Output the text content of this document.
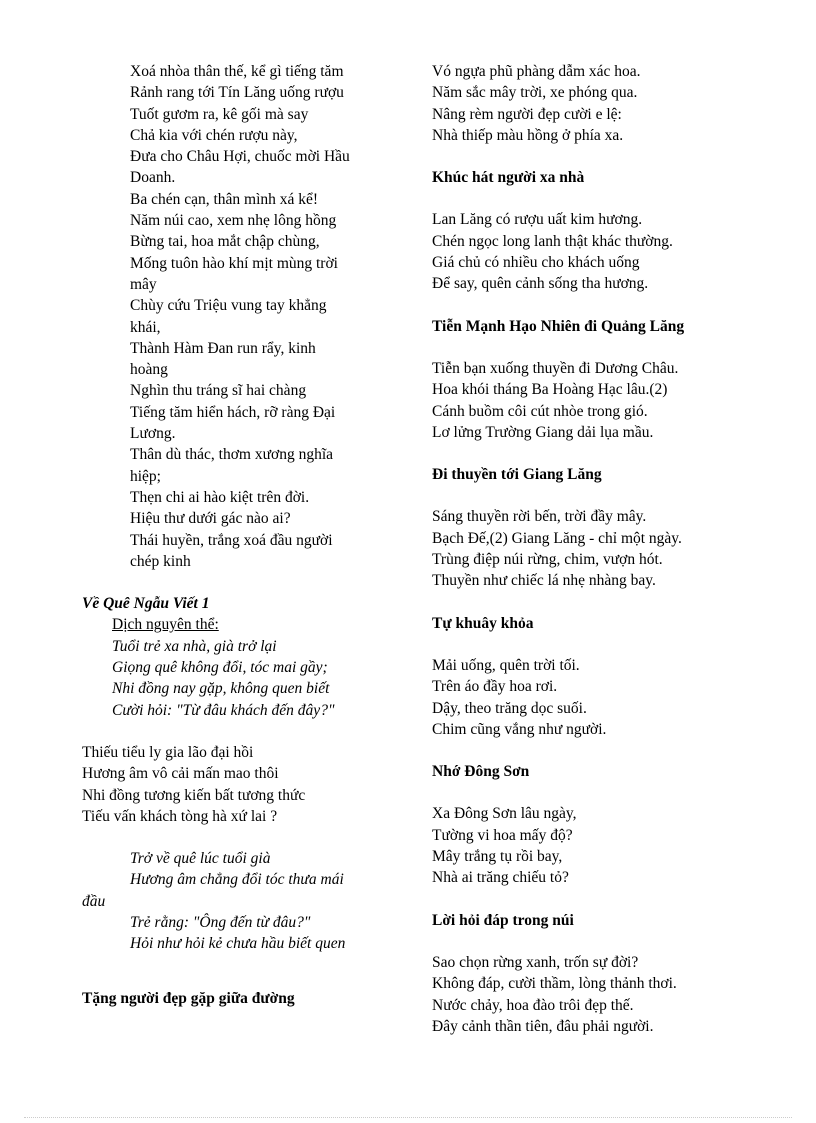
Xoá nhòa thân thế, kể gì tiếng tăm
Rảnh rang tới Tín Lăng uống rượu
Tuốt gươm ra, kê gối mà say
Chả kia với chén rượu này,
Đưa cho Châu Hợi, chuốc mời Hầu
Doanh.
Ba chén cạn, thân mình xá kể!
Năm núi cao, xem nhẹ lông hồng
Bừng tai, hoa mắt chập chùng,
Mống tuôn hào khí mịt mùng trời
mây
Chùy cứu Triệu vung tay khẳng
khái,
Thành Hàm Đan run rẩy, kinh
hoàng
Nghìn thu tráng sĩ hai chàng
Tiếng tăm hiển hách, rỡ ràng Đại
Lương.
Thân dù thác, thơm xương nghĩa
hiệp;
Thẹn chi ai hào kiệt trên đời.
Hiệu thư dưới gác nào ai?
Thái huyền, trắng xoá đầu người
chép kinh
Về Quê Ngẫu Viết 1
Dịch nguyên thể:
Tuổi trẻ xa nhà, già trở lại
Giọng quê không đổi, tóc mai gầy;
Nhi đồng nay gặp, không quen biết
Cười hỏi: "Từ đâu khách đến đây?"
Thiếu tiểu ly gia lão đại hồi
Hương âm vô cải mấn mao thôi
Nhi đồng tương kiến bất tương thức
Tiếu vấn khách tòng hà xứ lai ?
Trở về quê lúc tuổi già
Hương âm chẳng đổi tóc thưa mái
đầu
Trẻ rằng: "Ông đến từ đâu?"
Hỏi như hỏi kẻ chưa hầu biết quen
Tặng người đẹp gặp giữa đường
Vó ngựa phũ phàng dẫm xác hoa.
Năm sắc mây trời, xe phóng qua.
Nâng rèm người đẹp cười e lệ:
Nhà thiếp màu hồng ở phía xa.
Khúc hát người xa nhà
Lan Lăng có rượu uất kim hương.
Chén ngọc long lanh thật khác thường.
Giá chủ có nhiều cho khách uống
Để say, quên cảnh sống tha hương.
Tiễn Mạnh Hạo Nhiên đi Quảng Lăng
Tiễn bạn xuống thuyền đi Dương Châu.
Hoa khói tháng Ba Hoàng Hạc lâu.(2)
Cánh buồm côi cút nhòe trong gió.
Lơ lửng Trường Giang dải lụa mầu.
Đi thuyền tới Giang Lăng
Sáng thuyền rời bến, trời đầy mây.
Bạch Đế,(2) Giang Lăng - chỉ một ngày.
Trùng điệp núi rừng, chim, vượn hót.
Thuyền như chiếc lá nhẹ nhàng bay.
Tự khuây khỏa
Mải uống, quên trời tối.
Trên áo đầy hoa rơi.
Dậy, theo trăng dọc suối.
Chim cũng vắng như người.
Nhớ Đông Sơn
Xa Đông Sơn lâu ngày,
Tường vi hoa mấy độ?
Mây trắng tụ rồi bay,
Nhà ai trăng chiếu tỏ?
Lời hỏi đáp trong núi
Sao chọn rừng xanh, trốn sự đời?
Không đáp, cười thầm, lòng thảnh thơi.
Nước chảy, hoa đào trôi đẹp thế.
Đây cảnh thần tiên, đâu phải người.
